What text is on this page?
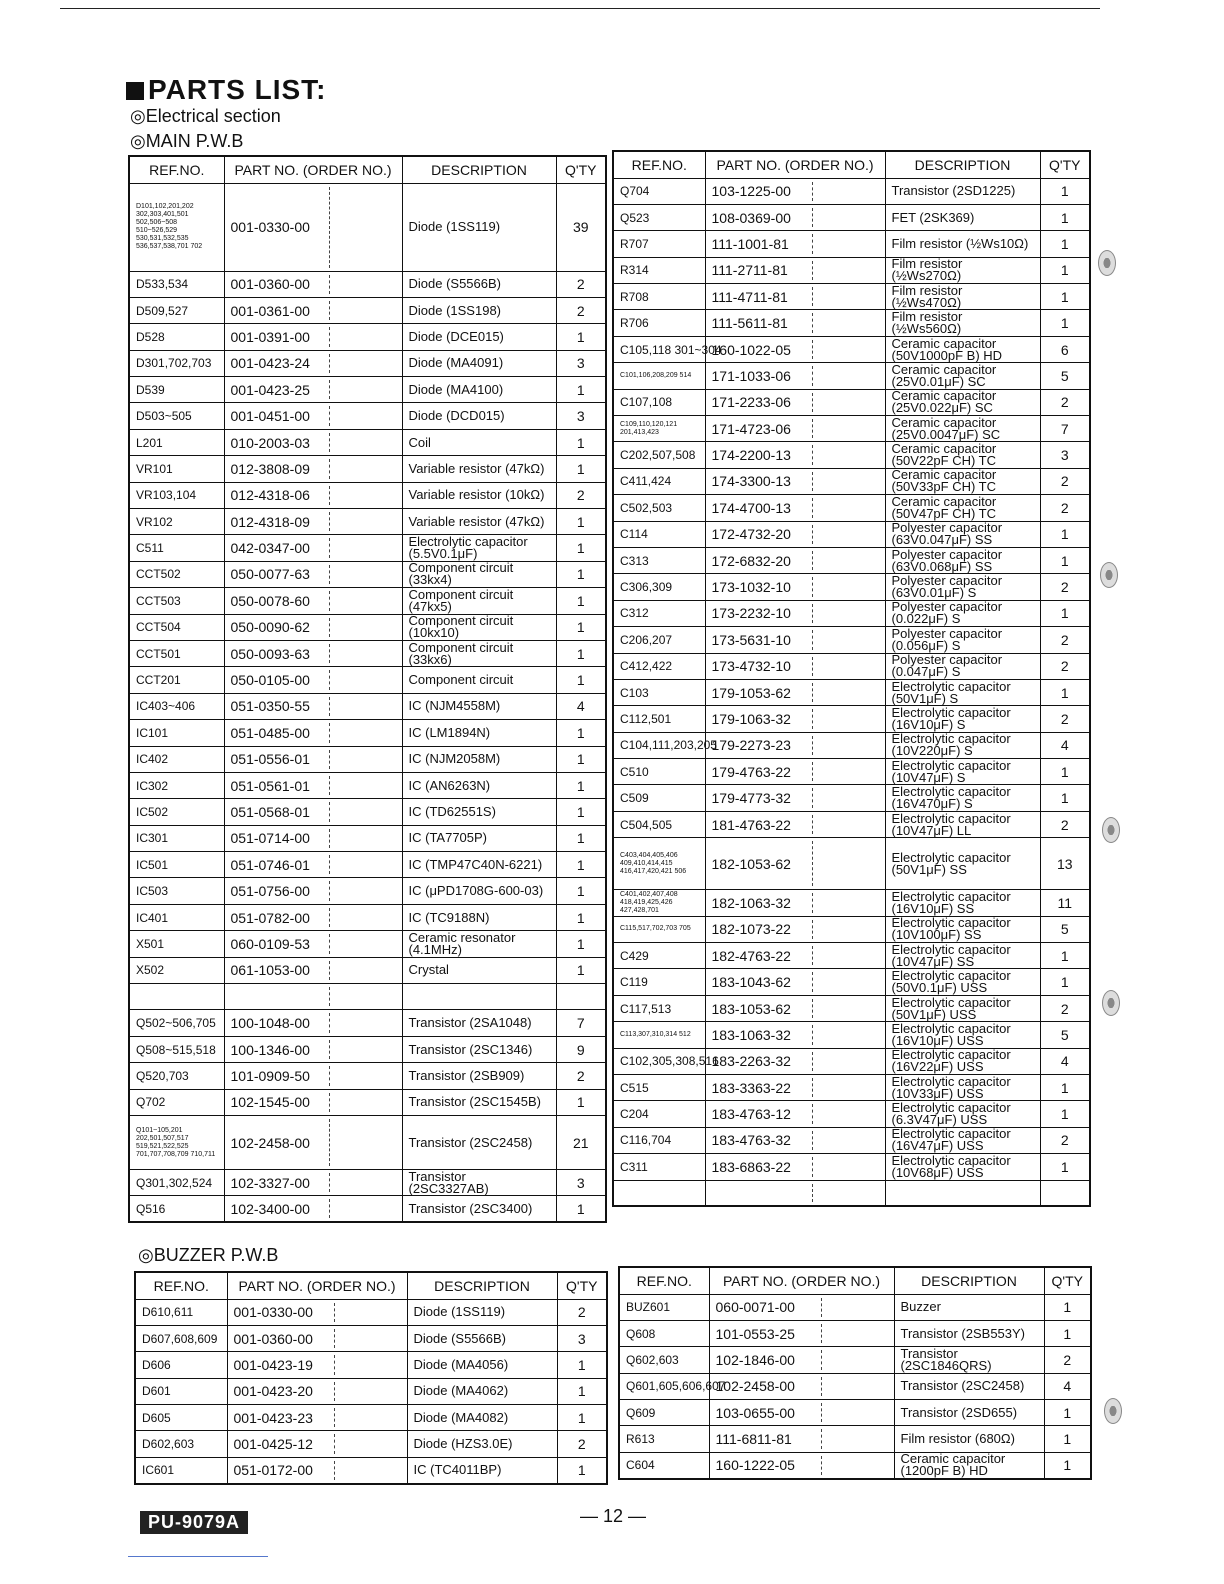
PARTS LIST:
◎Electrical section
◎MAIN P.W.B
REF.NO.	PART NO. (ORDER NO.)	DESCRIPTION	Q'TY
D101,102,201,202 302,303,401,501 502,506~508 510~526,529 530,531,532,535 536,537,538,701 702	001-0330-00	Diode (1SS119)	39
D533,534	001-0360-00	Diode (S5566B)	2
D509,527	001-0361-00	Diode (1SS198)	2
D528	001-0391-00	Diode (DCE015)	1
D301,702,703	001-0423-24	Diode (MA4091)	3
D539	001-0423-25	Diode (MA4100)	1
D503~505	001-0451-00	Diode (DCD015)	3
L201	010-2003-03	Coil	1
VR101	012-3808-09	Variable resistor (47kΩ)	1
VR103,104	012-4318-06	Variable resistor (10kΩ)	2
VR102	012-4318-09	Variable resistor (47kΩ)	1
C511	042-0347-00	Electrolytic capacitor (5.5V0.1μF)	1
CCT502	050-0077-63	Component circuit (33kx4)	1
CCT503	050-0078-60	Component circuit (47kx5)	1
CCT504	050-0090-62	Component circuit (10kx10)	1
CCT501	050-0093-63	Component circuit (33kx6)	1
CCT201	050-0105-00	Component circuit	1
IC403~406	051-0350-55	IC (NJM4558M)	4
IC101	051-0485-00	IC (LM1894N)	1
IC402	051-0556-01	IC (NJM2058M)	1
IC302	051-0561-01	IC (AN6263N)	1
IC502	051-0568-01	IC (TD62551S)	1
IC301	051-0714-00	IC (TA7705P)	1
IC501	051-0746-01	IC (TMP47C40N-6221)	1
IC503	051-0756-00	IC (μPD1708G-600-03)	1
IC401	051-0782-00	IC (TC9188N)	1
X501	060-0109-53	Ceramic resonator (4.1MHz)	1
X502	061-1053-00	Crystal	1

Q502~506,705	100-1048-00	Transistor (2SA1048)	7
Q508~515,518	100-1346-00	Transistor (2SC1346)	9
Q520,703	101-0909-50	Transistor (2SB909)	2
Q702	102-1545-00	Transistor (2SC1545B)	1
Q101~105,201 202,501,507,517 519,521,522,525 701,707,708,709 710,711	102-2458-00	Transistor (2SC2458)	21
Q301,302,524	102-3327-00	Transistor (2SC3327AB)	3
Q516	102-3400-00	Transistor (2SC3400)	1
REF.NO.	PART NO. (ORDER NO.)	DESCRIPTION	Q'TY
Q704	103-1225-00	Transistor (2SD1225)	1
Q523	108-0369-00	FET (2SK369)	1
R707	111-1001-81	Film resistor (½Ws10Ω)	1
R314	111-2711-81	Film resistor (½Ws270Ω)	1
R708	111-4711-81	Film resistor (½Ws470Ω)	1
R706	111-5611-81	Film resistor (½Ws560Ω)	1
C105,118 301~304	160-1022-05	Ceramic capacitor (50V1000pF B) HD	6
C101,106,208,209 514	171-1033-06	Ceramic capacitor (25V0.01μF) SC	5
C107,108	171-2233-06	Ceramic capacitor (25V0.022μF) SC	2
C109,110,120,121 201,413,423	171-4723-06	Ceramic capacitor (25V0.0047μF) SC	7
C202,507,508	174-2200-13	Ceramic capacitor (50V22pF CH) TC	3
C411,424	174-3300-13	Ceramic capacitor (50V33pF CH) TC	2
C502,503	174-4700-13	Ceramic capacitor (50V47pF CH) TC	2
C114	172-4732-20	Polyester capacitor (63V0.047μF) SS	1
C313	172-6832-20	Polyester capacitor (63V0.068μF) SS	1
C306,309	173-1032-10	Polyester capacitor (63V0.01μF) S	2
C312	173-2232-10	Polyester capacitor (0.022μF) S	1
C206,207	173-5631-10	Polyester capacitor (0.056μF) S	2
C412,422	173-4732-10	Polyester capacitor (0.047μF) S	2
C103	179-1053-62	Electrolytic capacitor (50V1μF) S	1
C112,501	179-1063-32	Electrolytic capacitor (16V10μF) S	2
C104,111,203,205	179-2273-23	Electrolytic capacitor (10V220μF) S	4
C510	179-4763-22	Electrolytic capacitor (10V47μF) S	1
C509	179-4773-32	Electrolytic capacitor (16V470μF) S	1
C504,505	181-4763-22	Electrolytic capacitor (10V47μF) LL	2
C403,404,405,406 409,410,414,415 416,417,420,421 506	182-1053-62	Electrolytic capacitor (50V1μF) SS	13
C401,402,407,408 418,419,425,426 427,428,701	182-1063-32	Electrolytic capacitor (16V10μF) SS	11
C115,517,702,703 705	182-1073-22	Electrolytic capacitor (10V100μF) SS	5
C429	182-4763-22	Electrolytic capacitor (10V47μF) SS	1
C119	183-1043-62	Electrolytic capacitor (50V0.1μF) USS	1
C117,513	183-1053-62	Electrolytic capacitor (50V1μF) USS	2
C113,307,310,314 512	183-1063-32	Electrolytic capacitor (16V10μF) USS	5
C102,305,308,516	183-2263-32	Electrolytic capacitor (16V22μF) USS	4
C515	183-3363-22	Electrolytic capacitor (10V33μF) USS	1
C204	183-4763-12	Electrolytic capacitor (6.3V47μF) USS	1
C116,704	183-4763-32	Electrolytic capacitor (16V47μF) USS	2
C311	183-6863-22	Electrolytic capacitor (10V68μF) USS	1

◎BUZZER P.W.B
REF.NO.	PART NO. (ORDER NO.)	DESCRIPTION	Q'TY
D610,611	001-0330-00	Diode (1SS119)	2
D607,608,609	001-0360-00	Diode (S5566B)	3
D606	001-0423-19	Diode (MA4056)	1
D601	001-0423-20	Diode (MA4062)	1
D605	001-0423-23	Diode (MA4082)	1
D602,603	001-0425-12	Diode (HZS3.0E)	2
IC601	051-0172-00	IC (TC4011BP)	1
REF.NO.	PART NO. (ORDER NO.)	DESCRIPTION	Q'TY
BUZ601	060-0071-00	Buzzer	1
Q608	101-0553-25	Transistor (2SB553Y)	1
Q602,603	102-1846-00	Transistor (2SC1846QRS)	2
Q601,605,606,607	102-2458-00	Transistor (2SC2458)	4
Q609	103-0655-00	Transistor (2SD655)	1
R613	111-6811-81	Film resistor (680Ω)	1
C604	160-1222-05	Ceramic capacitor (1200pF B) HD	1
PU-9079A	— 12 —
